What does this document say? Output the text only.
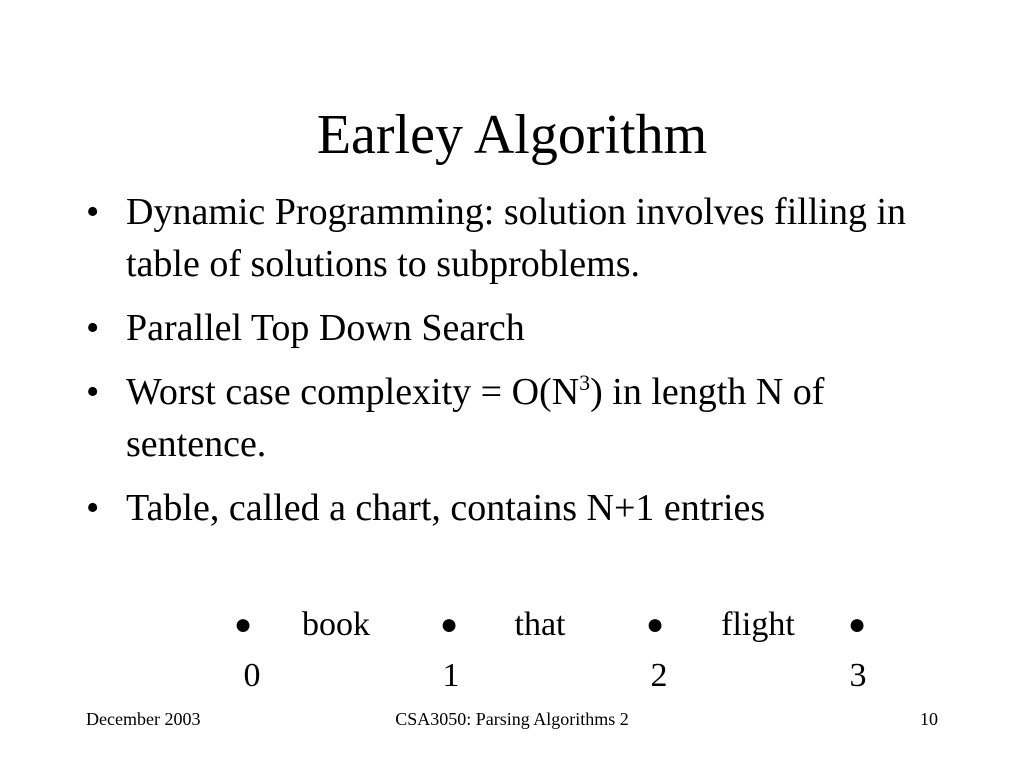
Earley Algorithm
• Dynamic Programming: solution involves filling in table of solutions to subproblems.
• Parallel Top Down Search
• Worst case complexity = $O(N^3)$ in length N of sentence.
• Table, called a chart, contains N+1 entries
● book ● that	● flight ●
0	1	2	3
December 2003	CSA3050: Parsing Algorithms 2	10
